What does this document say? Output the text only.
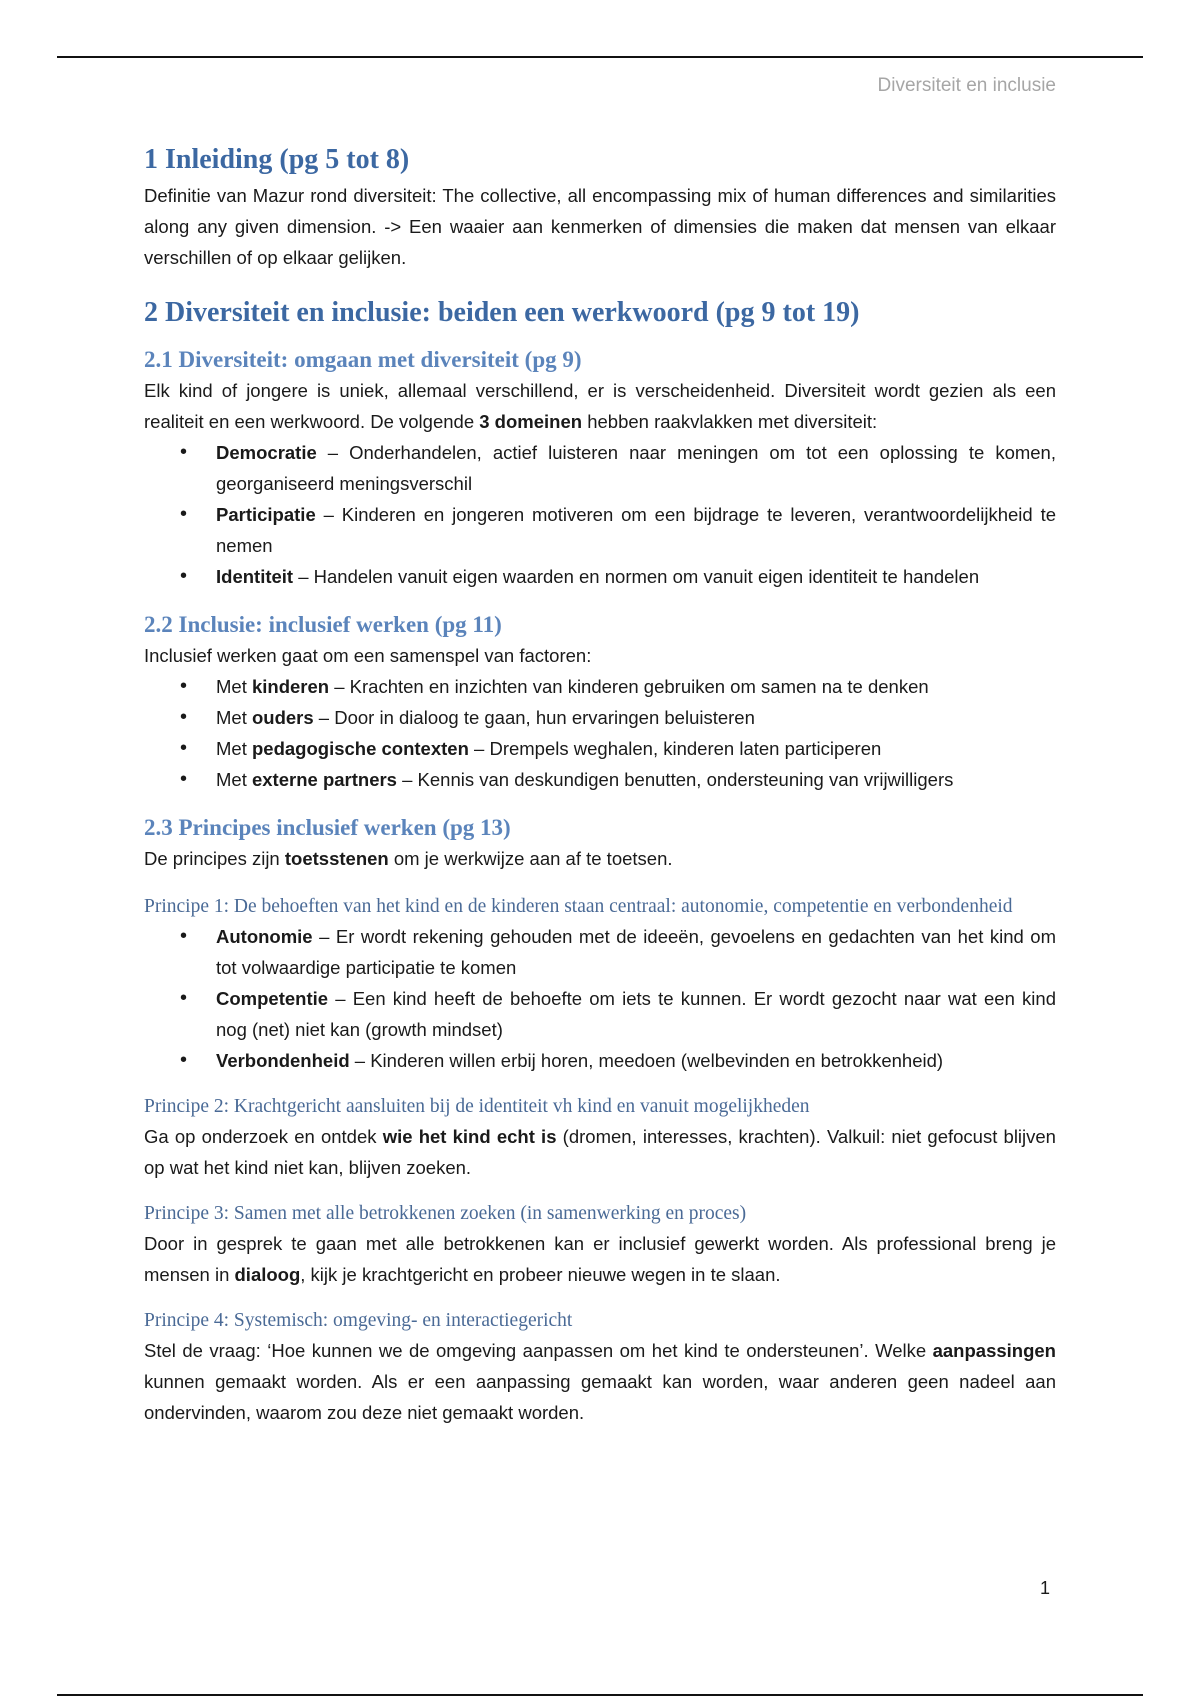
Diversiteit en inclusie
1 Inleiding (pg 5 tot 8)

Definitie van Mazur rond diversiteit: The collective, all encompassing mix of human differences and similarities along any given dimension. -> Een waaier aan kenmerken of dimensies die maken dat mensen van elkaar verschillen of op elkaar gelijken.

2 Diversiteit en inclusie: beiden een werkwoord (pg 9 tot 19)
2.1 Diversiteit: omgaan met diversiteit (pg 9)

Elk kind of jongere is uniek, allemaal verschillend, er is verscheidenheid. Diversiteit wordt gezien als een realiteit en een werkwoord. De volgende 3 domeinen hebben raakvlakken met diversiteit:

• Democratie – Onderhandelen, actief luisteren naar meningen om tot een oplossing te komen, georganiseerd meningsverschil
• Participatie – Kinderen en jongeren motiveren om een bijdrage te leveren, verantwoordelijkheid te nemen
• Identiteit – Handelen vanuit eigen waarden en normen om vanuit eigen identiteit te handelen
2.2 Inclusie: inclusief werken (pg 11)

Inclusief werken gaat om een samenspel van factoren:

• Met kinderen – Krachten en inzichten van kinderen gebruiken om samen na te denken
• Met ouders – Door in dialoog te gaan, hun ervaringen beluisteren
• Met pedagogische contexten – Drempels weghalen, kinderen laten participeren
• Met externe partners – Kennis van deskundigen benutten, ondersteuning van vrijwilligers
2.3 Principes inclusief werken (pg 13)

De principes zijn toetsstenen om je werkwijze aan af te toetsen.

Principe 1: De behoeften van het kind en de kinderen staan centraal: autonomie, competentie en verbondenheid
• Autonomie – Er wordt rekening gehouden met de ideeën, gevoelens en gedachten van het kind om tot volwaardige participatie te komen
• Competentie – Een kind heeft de behoefte om iets te kunnen. Er wordt gezocht naar wat een kind nog (net) niet kan (growth mindset)
• Verbondenheid – Kinderen willen erbij horen, meedoen (welbevinden en betrokkenheid)
Principe 2: Krachtgericht aansluiten bij de identiteit vh kind en vanuit mogelijkheden

Ga op onderzoek en ontdek wie het kind echt is (dromen, interesses, krachten). Valkuil: niet gefocust blijven op wat het kind niet kan, blijven zoeken.

Principe 3: Samen met alle betrokkenen zoeken (in samenwerking en proces)

Door in gesprek te gaan met alle betrokkenen kan er inclusief gewerkt worden. Als professional breng je mensen in dialoog, kijk je krachtgericht en probeer nieuwe wegen in te slaan.

Principe 4: Systemisch: omgeving- en interactiegericht

Stel de vraag: ‘Hoe kunnen we de omgeving aanpassen om het kind te ondersteunen’. Welke aanpassingen kunnen gemaakt worden. Als er een aanpassing gemaakt kan worden, waar anderen geen nadeel aan ondervinden, waarom zou deze niet gemaakt worden.

1
